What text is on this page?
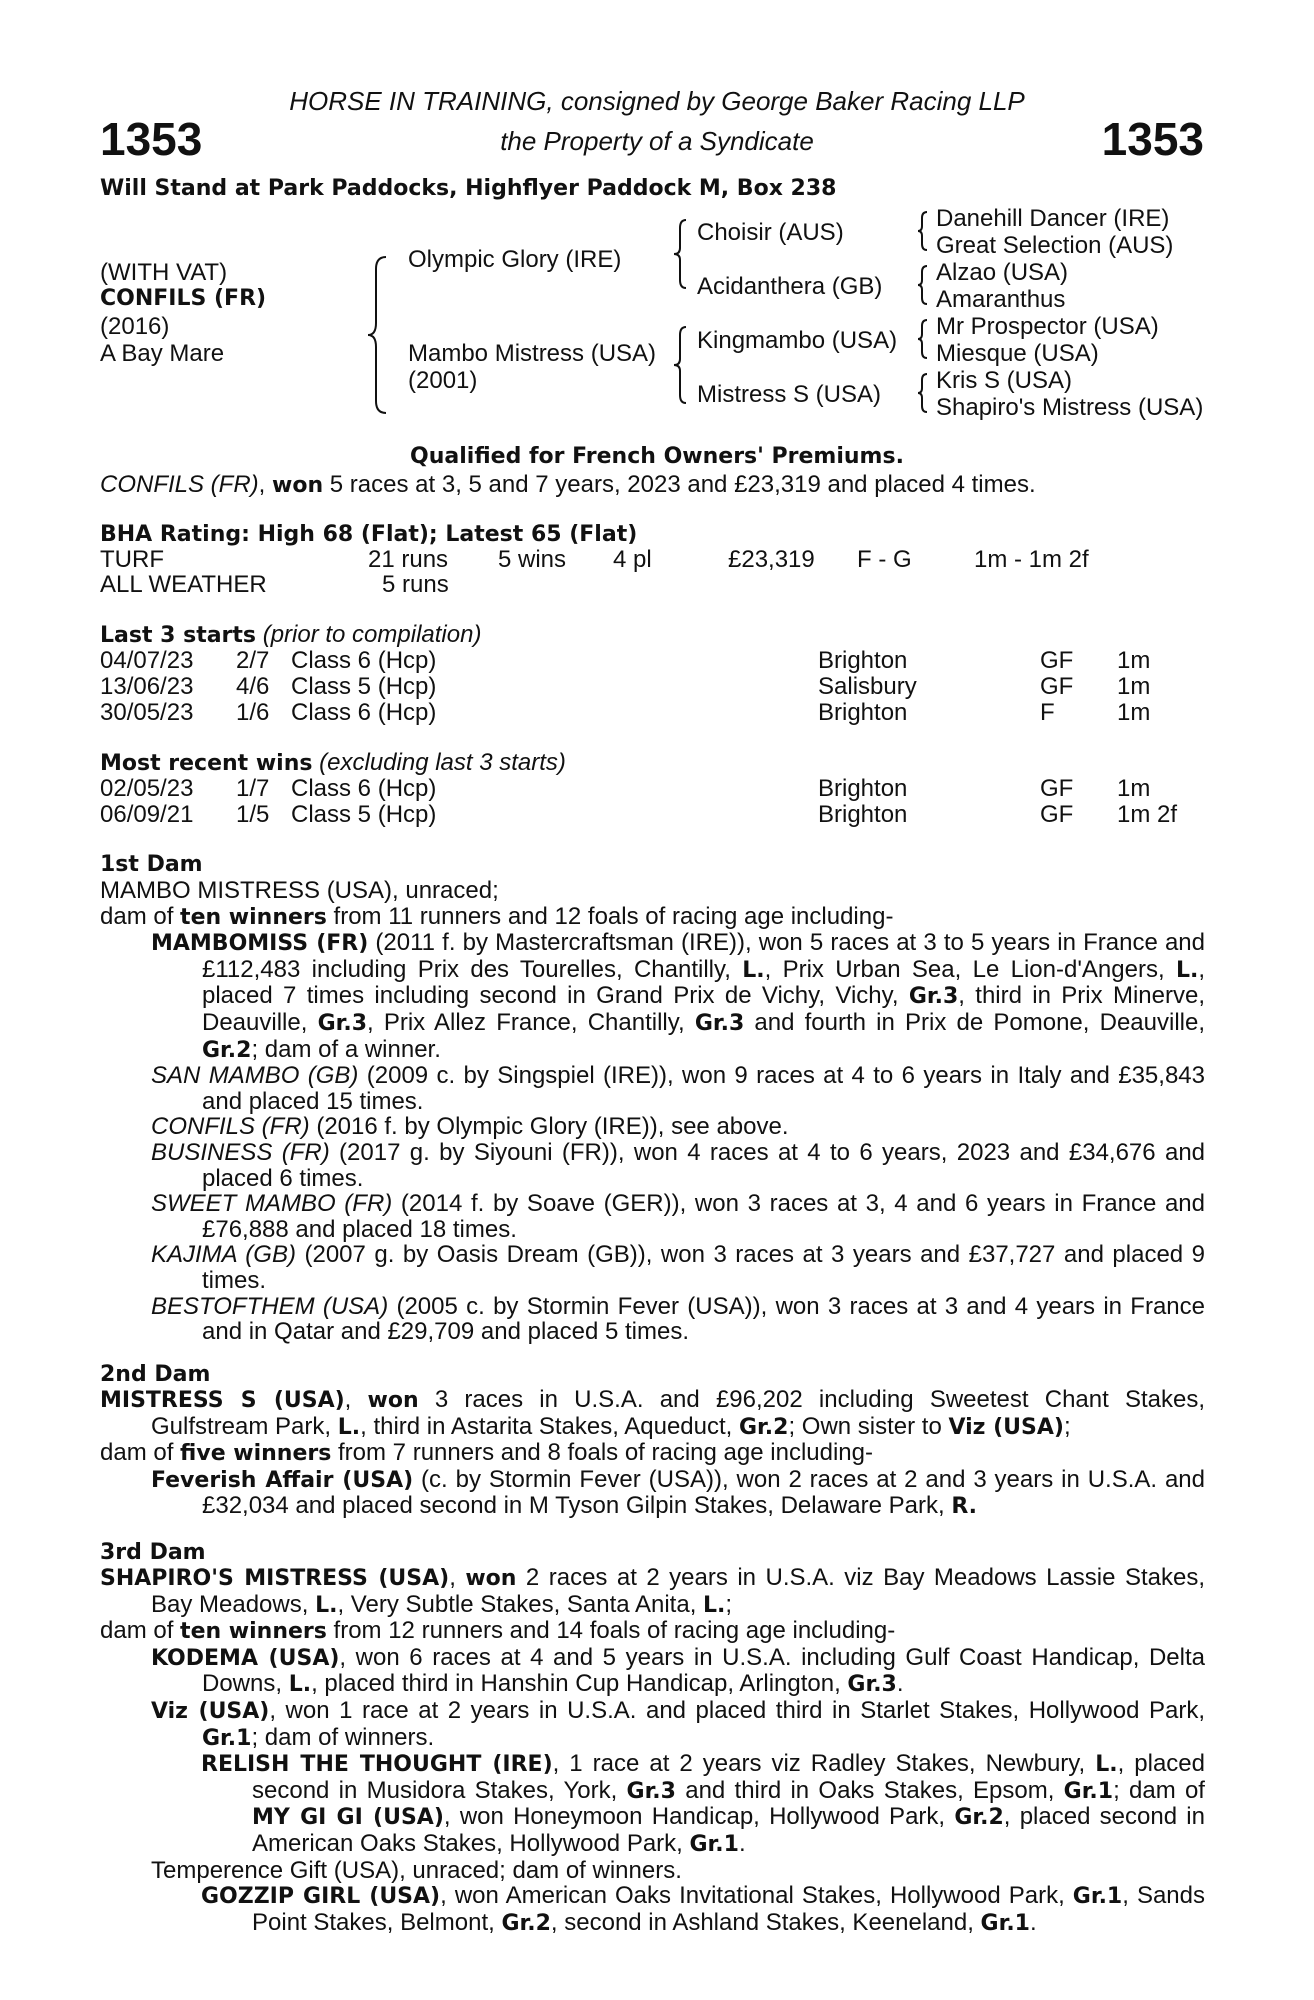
1353	1353
HORSE IN TRAINING, consigned by George Baker Racing LLP
the Property of a Syndicate
Will Stand at Park Paddocks, Highflyer Paddock M, Box 238
(WITH VAT)
CONFILS (FR)
(2016)
A Bay Mare
Olympic Glory (IRE)
Mambo Mistress (USA)
(2001)
Choisir (AUS)
Acidanthera (GB)
Kingmambo (USA)
Mistress S (USA)
Danehill Dancer (IRE)
Great Selection (AUS)
Alzao (USA)
Amaranthus
Mr Prospector (USA)
Miesque (USA)
Kris S (USA)
Shapiro's Mistress (USA)
Qualified for French Owners' Premiums.
CONFILS (FR), won 5 races at 3, 5 and 7 years, 2023 and £23,319 and placed 4 times.
BHA Rating: High 68 (Flat); Latest 65 (Flat)
TURF	21 runs 5 wins 4 pl	£23,319 F - G	1m - 1m 2f
ALL WEATHER	5 runs
Last 3 starts (prior to compilation)
04/07/23 2/7 Class 6 (Hcp)	Brighton	GF 1m
13/06/23 4/6 Class 5 (Hcp)	Salisbury	GF 1m
30/05/23 1/6 Class 6 (Hcp)	Brighton	F	1m
Most recent wins (excluding last 3 starts)
02/05/23 1/7 Class 6 (Hcp)	Brighton	GF 1m
06/09/21 1/5 Class 5 (Hcp)	Brighton	GF 1m 2f
1st Dam

MAMBO MISTRESS (USA), unraced;

dam of ten winners from 11 runners and 12 foals of racing age including-

MAMBOMISS (FR) (2011 f. by Mastercraftsman (IRE)), won 5 races at 3 to 5 years in France and £112,483 including Prix des Tourelles, Chantilly, L., Prix Urban Sea, Le Lion-d'Angers, L., placed 7 times including second in Grand Prix de Vichy, Vichy, Gr.3, third in Prix Minerve, Deauville, Gr.3, Prix Allez France, Chantilly, Gr.3 and fourth in Prix de Pomone, Deauville, Gr.2; dam of a winner.

SAN MAMBO (GB) (2009 c. by Singspiel (IRE)), won 9 races at 4 to 6 years in Italy and £35,843 and placed 15 times.

CONFILS (FR) (2016 f. by Olympic Glory (IRE)), see above.

BUSINESS (FR) (2017 g. by Siyouni (FR)), won 4 races at 4 to 6 years, 2023 and £34,676 and placed 6 times.

SWEET MAMBO (FR) (2014 f. by Soave (GER)), won 3 races at 3, 4 and 6 years in France and £76,888 and placed 18 times.

KAJIMA (GB) (2007 g. by Oasis Dream (GB)), won 3 races at 3 years and £37,727 and placed 9 times.

BESTOFTHEM (USA) (2005 c. by Stormin Fever (USA)), won 3 races at 3 and 4 years in France and in Qatar and £29,709 and placed 5 times.

2nd Dam

MISTRESS S (USA), won 3 races in U.S.A. and £96,202 including Sweetest Chant Stakes, Gulfstream Park, L., third in Astarita Stakes, Aqueduct, Gr.2; Own sister to Viz (USA);

dam of five winners from 7 runners and 8 foals of racing age including-

Feverish Affair (USA) (c. by Stormin Fever (USA)), won 2 races at 2 and 3 years in U.S.A. and £32,034 and placed second in M Tyson Gilpin Stakes, Delaware Park, R.

3rd Dam

SHAPIRO'S MISTRESS (USA), won 2 races at 2 years in U.S.A. viz Bay Meadows Lassie Stakes, Bay Meadows, L., Very Subtle Stakes, Santa Anita, L.;

dam of ten winners from 12 runners and 14 foals of racing age including-

KODEMA (USA), won 6 races at 4 and 5 years in U.S.A. including Gulf Coast Handicap, Delta Downs, L., placed third in Hanshin Cup Handicap, Arlington, Gr.3.

Viz (USA), won 1 race at 2 years in U.S.A. and placed third in Starlet Stakes, Hollywood Park, Gr.1; dam of winners.

RELISH THE THOUGHT (IRE), 1 race at 2 years viz Radley Stakes, Newbury, L., placed second in Musidora Stakes, York, Gr.3 and third in Oaks Stakes, Epsom, Gr.1; dam of MY GI GI (USA), won Honeymoon Handicap, Hollywood Park, Gr.2, placed second in American Oaks Stakes, Hollywood Park, Gr.1.

Temperence Gift (USA), unraced; dam of winners.

GOZZIP GIRL (USA), won American Oaks Invitational Stakes, Hollywood Park, Gr.1, Sands Point Stakes, Belmont, Gr.2, second in Ashland Stakes, Keeneland, Gr.1.
